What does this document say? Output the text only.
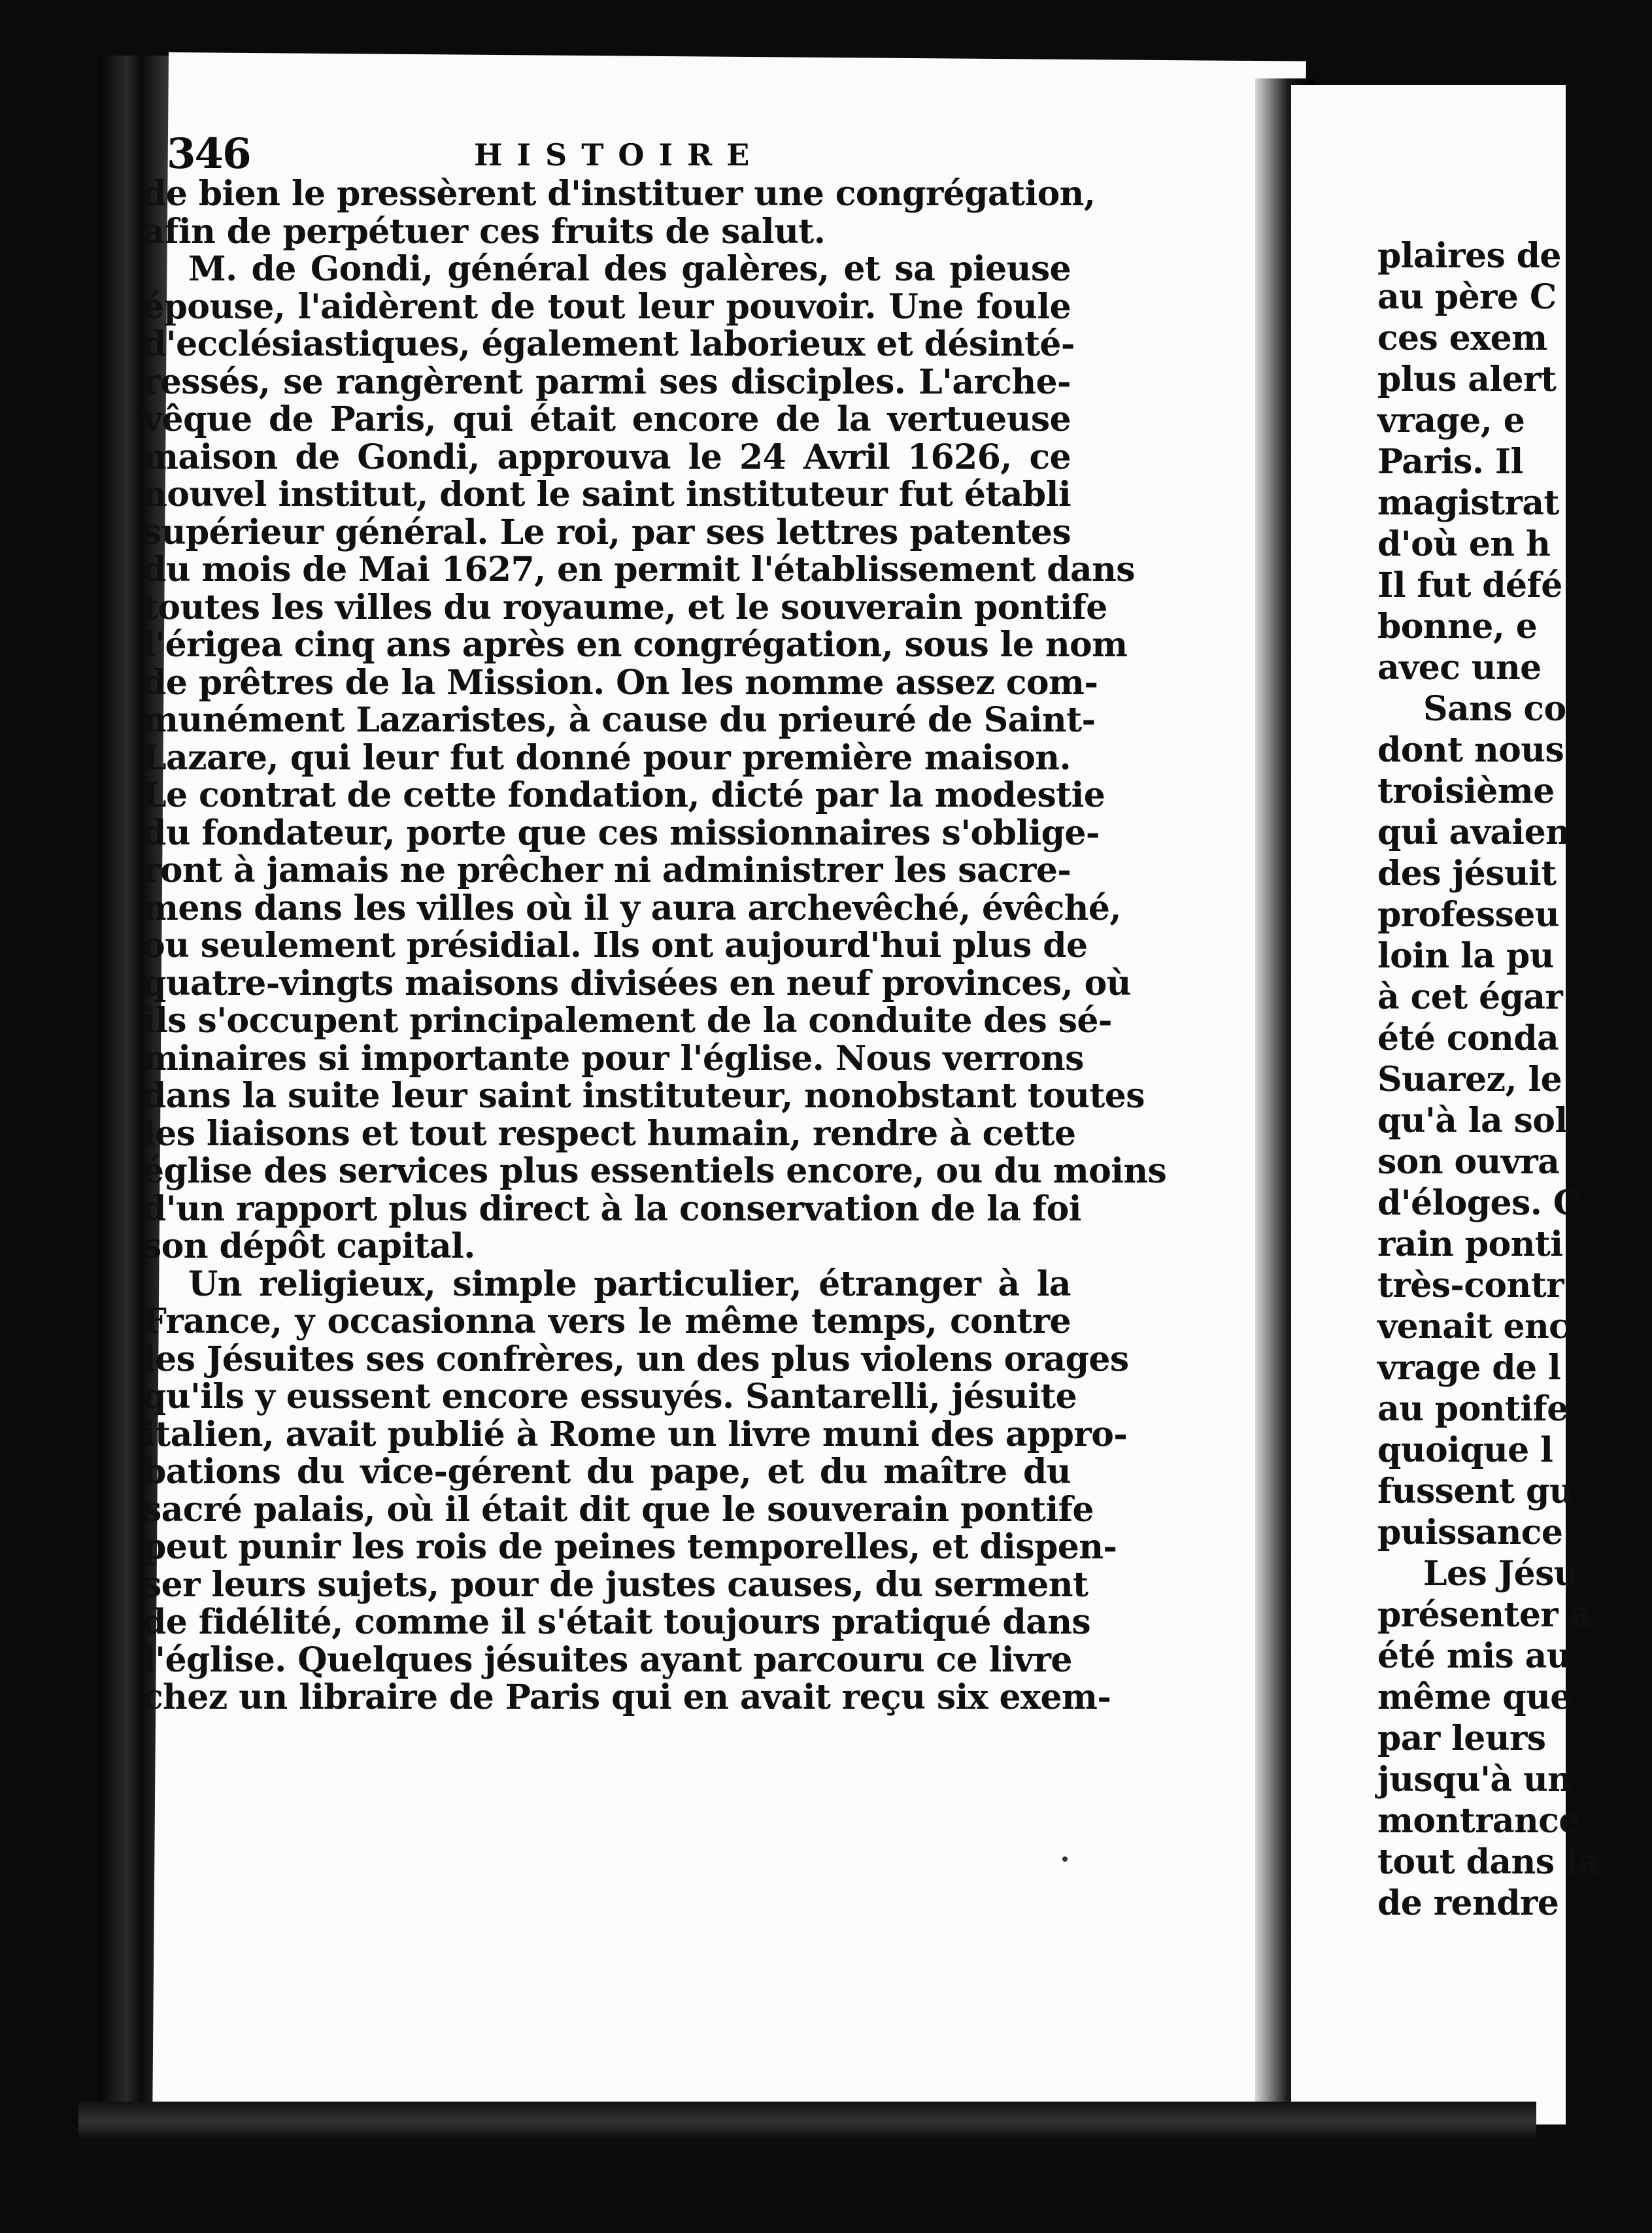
plaires de
au père C
ces exem
plus alert
vrage, e
Paris. Il
magistrat
d'où en h
Il fut défé
bonne, e
avec une
Sans co
dont nous
troisième
qui avaien
des jésuit
professeu
loin la pu
à cet égar
été conda
Suarez, le
qu'à la sol
son ouvra
d'éloges. C
rain ponti
très-contr
venait enc
vrage de l
au pontife
quoique l
fussent gu
puissance
Les Jésu
présenter a
été mis au
même que
par leurs
jusqu'à un
montrance
tout dans la
de rendre
346	HISTOIRE
de bien le pressèrent d'instituer une congrégation,
afin de perpétuer ces fruits de salut.
M. de Gondi, général des galères, et sa pieuse
épouse, l'aidèrent de tout leur pouvoir. Une foule
d'ecclésiastiques, également laborieux et désinté-
ressés, se rangèrent parmi ses disciples. L'arche-
vêque de Paris, qui était encore de la vertueuse
maison de Gondi, approuva le 24 Avril 1626, ce
nouvel institut, dont le saint instituteur fut établi
supérieur général. Le roi, par ses lettres patentes
du mois de Mai 1627, en permit l'établissement dans
toutes les villes du royaume, et le souverain pontife
l'érigea cinq ans après en congrégation, sous le nom
de prêtres de la Mission. On les nomme assez com-
munément Lazaristes, à cause du prieuré de Saint-
Lazare, qui leur fut donné pour première maison.
Le contrat de cette fondation, dicté par la modestie
du fondateur, porte que ces missionnaires s'oblige-
ront à jamais ne prêcher ni administrer les sacre-
mens dans les villes où il y aura archevêché, évêché,
ou seulement présidial. Ils ont aujourd'hui plus de
quatre-vingts maisons divisées en neuf provinces, où
ils s'occupent principalement de la conduite des sé-
minaires si importante pour l'église. Nous verrons
dans la suite leur saint instituteur, nonobstant toutes
les liaisons et tout respect humain, rendre à cette
église des services plus essentiels encore, ou du moins
d'un rapport plus direct à la conservation de la foi
son dépôt capital.
Un religieux, simple particulier, étranger à la
France, y occasionna vers le même temps, contre
les Jésuites ses confrères, un des plus violens orages
qu'ils y eussent encore essuyés. Santarelli, jésuite
italien, avait publié à Rome un livre muni des appro-
bations du vice-gérent du pape, et du maître du
sacré palais, où il était dit que le souverain pontife
peut punir les rois de peines temporelles, et dispen-
ser leurs sujets, pour de justes causes, du serment
de fidélité, comme il s'était toujours pratiqué dans
l'église. Quelques jésuites ayant parcouru ce livre
chez un libraire de Paris qui en avait reçu six exem-
